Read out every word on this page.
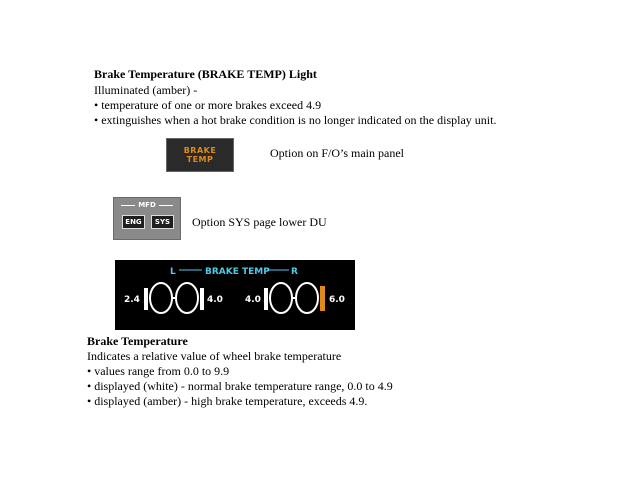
Brake Temperature (BRAKE TEMP) Light
Illuminated (amber) -
• temperature of one or more brakes exceed 4.9
• extinguishes when a hot brake condition is no longer indicated on the display unit.
BRAKE
TEMP	Option on F/O’s main panel
MFD
ENG	SYS	Option SYS page lower DU
L	BRAKE TEMP R
2.4	4.0 4.0	6.0
Brake Temperature
Indicates a relative value of wheel brake temperature
• values range from 0.0 to 9.9
• displayed (white) - normal brake temperature range, 0.0 to 4.9
• displayed (amber) - high brake temperature, exceeds 4.9.
